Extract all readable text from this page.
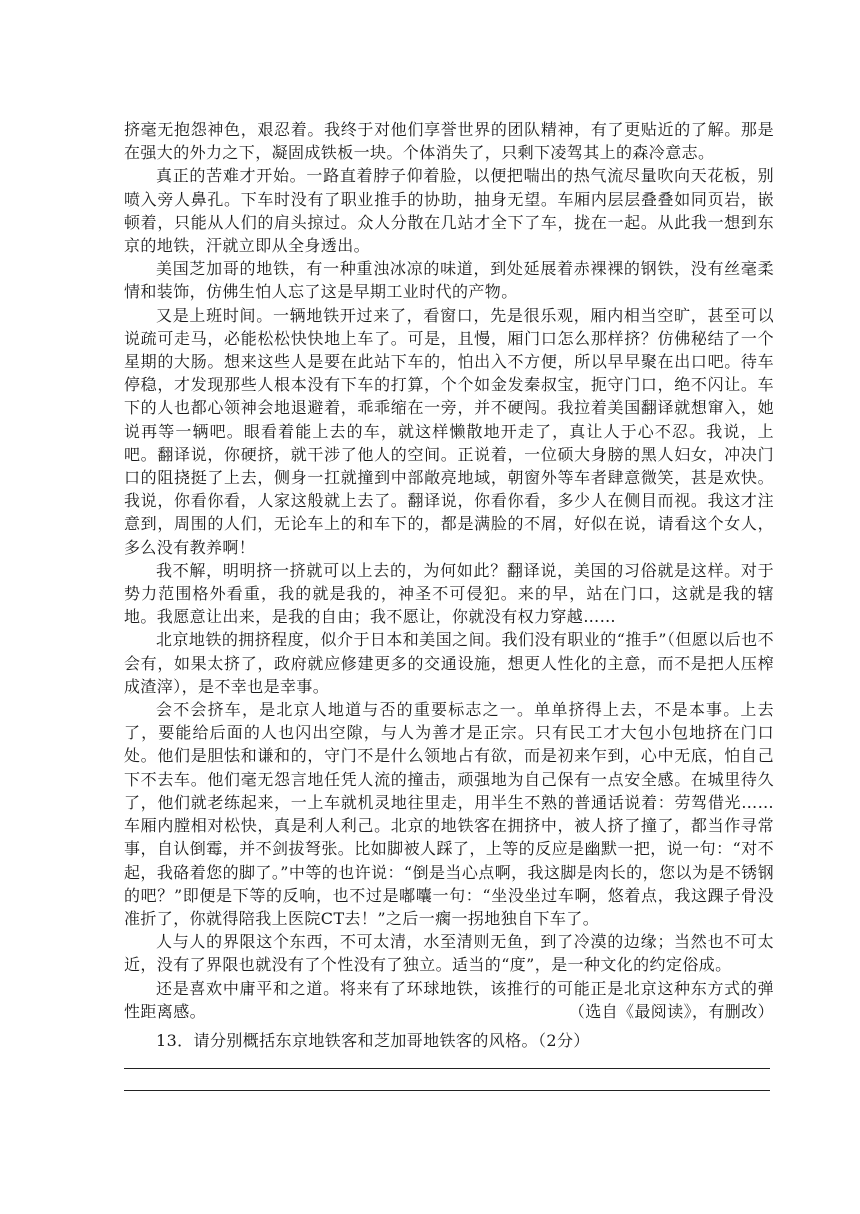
挤毫无抱怨神色，艰忍着。我终于对他们享誉世界的团队精神，有了更贴近的了解。那是在强大的外力之下，凝固成铁板一块。个体消失了，只剩下凌驾其上的森冷意志。

真正的苦难才开始。一路直着脖子仰着脸，以便把喘出的热气流尽量吹向天花板，别喷入旁人鼻孔。下车时没有了职业推手的协助，抽身无望。车厢内层层叠叠如同页岩，嵌顿着，只能从人们的肩头掠过。众人分散在几站才全下了车，拢在一起。从此我一想到东京的地铁，汗就立即从全身透出。

美国芝加哥的地铁，有一种重浊冰凉的味道，到处延展着赤裸裸的钢铁，没有丝毫柔情和装饰，仿佛生怕人忘了这是早期工业时代的产物。

又是上班时间。一辆地铁开过来了，看窗口，先是很乐观，厢内相当空旷，甚至可以说疏可走马，必能松松快快地上车了。可是，且慢，厢门口怎么那样挤？仿佛秘结了一个星期的大肠。想来这些人是要在此站下车的，怕出入不方便，所以早早聚在出口吧。待车停稳，才发现那些人根本没有下车的打算，个个如金发秦叔宝，扼守门口，绝不闪让。车下的人也都心领神会地退避着，乖乖缩在一旁，并不硬闯。我拉着美国翻译就想窜入，她说再等一辆吧。眼看着能上去的车，就这样懒散地开走了，真让人于心不忍。我说，上吧。翻译说，你硬挤，就干涉了他人的空间。正说着，一位硕大身膀的黑人妇女，冲决门口的阻挠挺了上去，侧身一扛就撞到中部敞亮地域，朝窗外等车者肆意微笑，甚是欢快。我说，你看你看，人家这般就上去了。翻译说，你看你看，多少人在侧目而视。我这才注意到，周围的人们，无论车上的和车下的，都是满脸的不屑，好似在说，请看这个女人，多么没有教养啊！

我不解，明明挤一挤就可以上去的，为何如此？翻译说，美国的习俗就是这样。对于势力范围格外看重，我的就是我的，神圣不可侵犯。来的早，站在门口，这就是我的辖地。我愿意让出来，是我的自由；我不愿让，你就没有权力穿越……

北京地铁的拥挤程度，似介于日本和美国之间。我们没有职业的“推手”（但愿以后也不会有，如果太挤了，政府就应修建更多的交通设施，想更人性化的主意，而不是把人压榨成渣滓），是不幸也是幸事。

会不会挤车，是北京人地道与否的重要标志之一。单单挤得上去，不是本事。上去了，要能给后面的人也闪出空隙，与人为善才是正宗。只有民工才大包小包地挤在门口处。他们是胆怯和谦和的，守门不是什么领地占有欲，而是初来乍到，心中无底，怕自己下不去车。他们毫无怨言地任凭人流的撞击，顽强地为自己保有一点安全感。在城里待久了，他们就老练起来，一上车就机灵地往里走，用半生不熟的普通话说着：劳驾借光……车厢内膛相对松快，真是利人利己。北京的地铁客在拥挤中，被人挤了撞了，都当作寻常事，自认倒霉，并不剑拔弩张。比如脚被人踩了，上等的反应是幽默一把，说一句：“对不起，我硌着您的脚了。”中等的也许说：“倒是当心点啊，我这脚是肉长的，您以为是不锈钢的吧？”即便是下等的反响，也不过是嘟囔一句：“坐没坐过车啊，悠着点，我这踝子骨没准折了，你就得陪我上医院CT去！”之后一瘸一拐地独自下车了。

人与人的界限这个东西，不可太清，水至清则无鱼，到了冷漠的边缘；当然也不可太近，没有了界限也就没有了个性没有了独立。适当的“度”，是一种文化的约定俗成。

还是喜欢中庸平和之道。将来有了环球地铁，该推行的可能正是北京这种东方式的弹性距离感。	（选自《最阅读》，有删改）

13．请分别概括东京地铁客和芝加哥地铁客的风格。（2分）
